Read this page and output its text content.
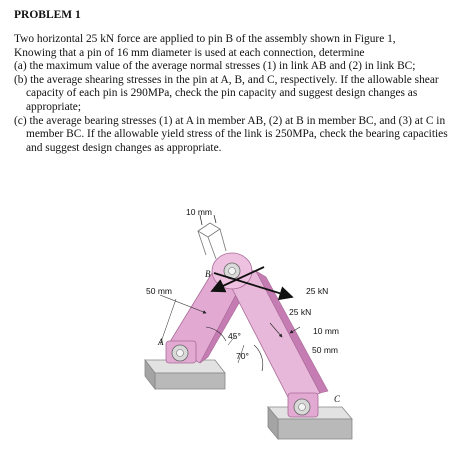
PROBLEM 1

Two horizontal 25 kN force are applied to pin B of the assembly shown in Figure 1,

Knowing that a pin of 16 mm diameter is used at each connection, determine

(a) the maximum value of the average normal stresses (1) in link AB and (2) in link BC;

(b) the average shearing stresses in the pin at A, B, and C, respectively. If the allowable shear capacity of each pin is 290MPa, check the pin capacity and suggest design changes as appropriate;

(c) the average bearing stresses (1) at A in member AB, (2) at B in member BC, and (3) at C in member BC. If the allowable yield stress of the link is 250MPa, check the bearing capacities and suggest design changes as appropriate.

10 mm
50 mm	25 kN
25 kN
10 mm
50 mm
45°
70°
A
B
C
